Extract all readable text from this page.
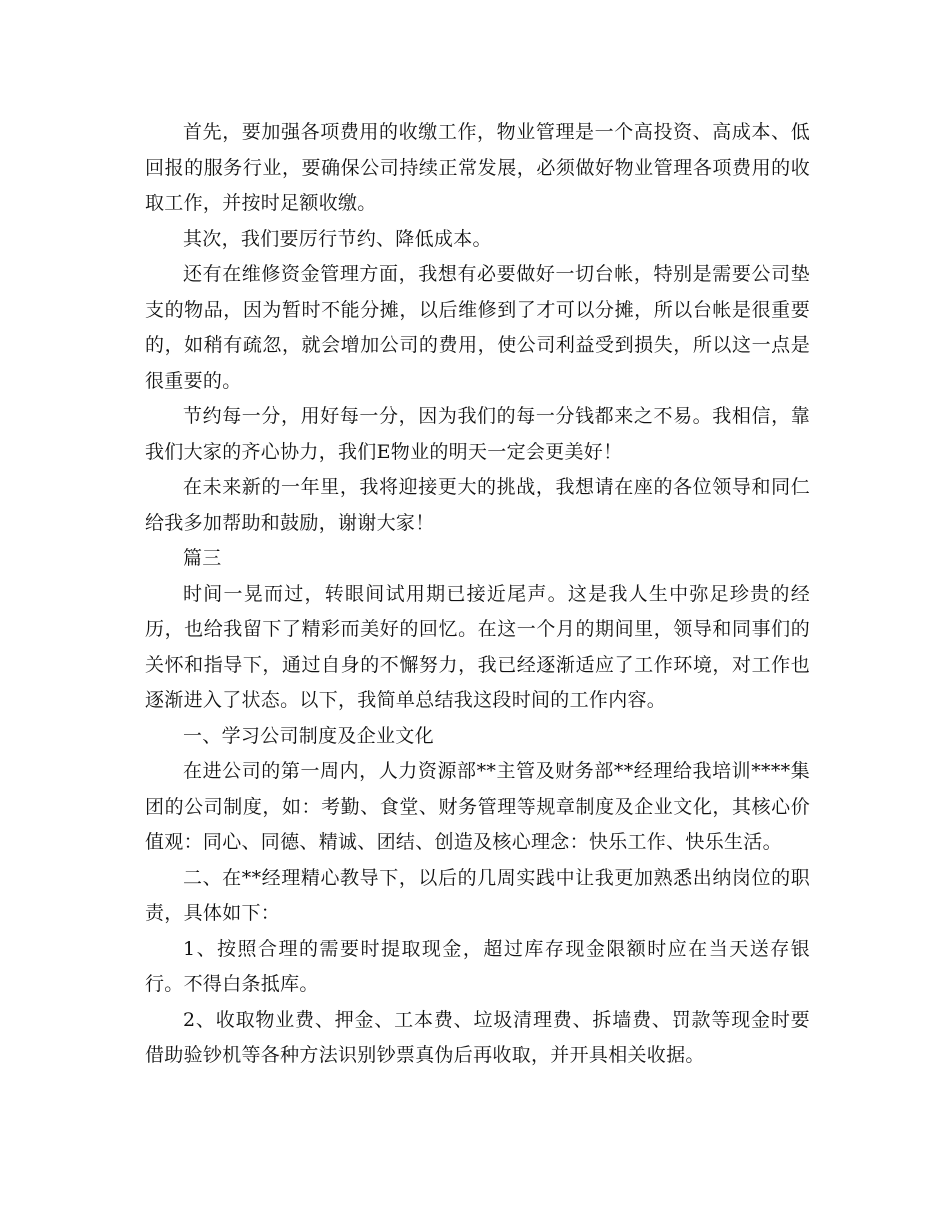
首先，要加强各项费用的收缴工作，物业管理是一个高投资、高成本、低回报的服务行业，要确保公司持续正常发展，必须做好物业管理各项费用的收取工作，并按时足额收缴。

其次，我们要厉行节约、降低成本。

还有在维修资金管理方面，我想有必要做好一切台帐，特别是需要公司垫支的物品，因为暂时不能分摊，以后维修到了才可以分摊，所以台帐是很重要的，如稍有疏忽，就会增加公司的费用，使公司利益受到损失，所以这一点是很重要的。

节约每一分，用好每一分，因为我们的每一分钱都来之不易。我相信，靠我们大家的齐心协力，我们E物业的明天一定会更美好！

在未来新的一年里，我将迎接更大的挑战，我想请在座的各位领导和同仁给我多加帮助和鼓励，谢谢大家！

篇三

时间一晃而过，转眼间试用期已接近尾声。这是我人生中弥足珍贵的经历，也给我留下了精彩而美好的回忆。在这一个月的期间里，领导和同事们的关怀和指导下，通过自身的不懈努力，我已经逐渐适应了工作环境，对工作也逐渐进入了状态。以下，我简单总结我这段时间的工作内容。

一、学习公司制度及企业文化

在进公司的第一周内，人力资源部**主管及财务部**经理给我培训****集团的公司制度，如：考勤、食堂、财务管理等规章制度及企业文化，其核心价值观：同心、同德、精诚、团结、创造及核心理念：快乐工作、快乐生活。

二、在**经理精心教导下，以后的几周实践中让我更加熟悉出纳岗位的职责，具体如下：

1、按照合理的需要时提取现金，超过库存现金限额时应在当天送存银行。不得白条抵库。

2、收取物业费、押金、工本费、垃圾清理费、拆墙费、罚款等现金时要借助验钞机等各种方法识别钞票真伪后再收取，并开具相关收据。
